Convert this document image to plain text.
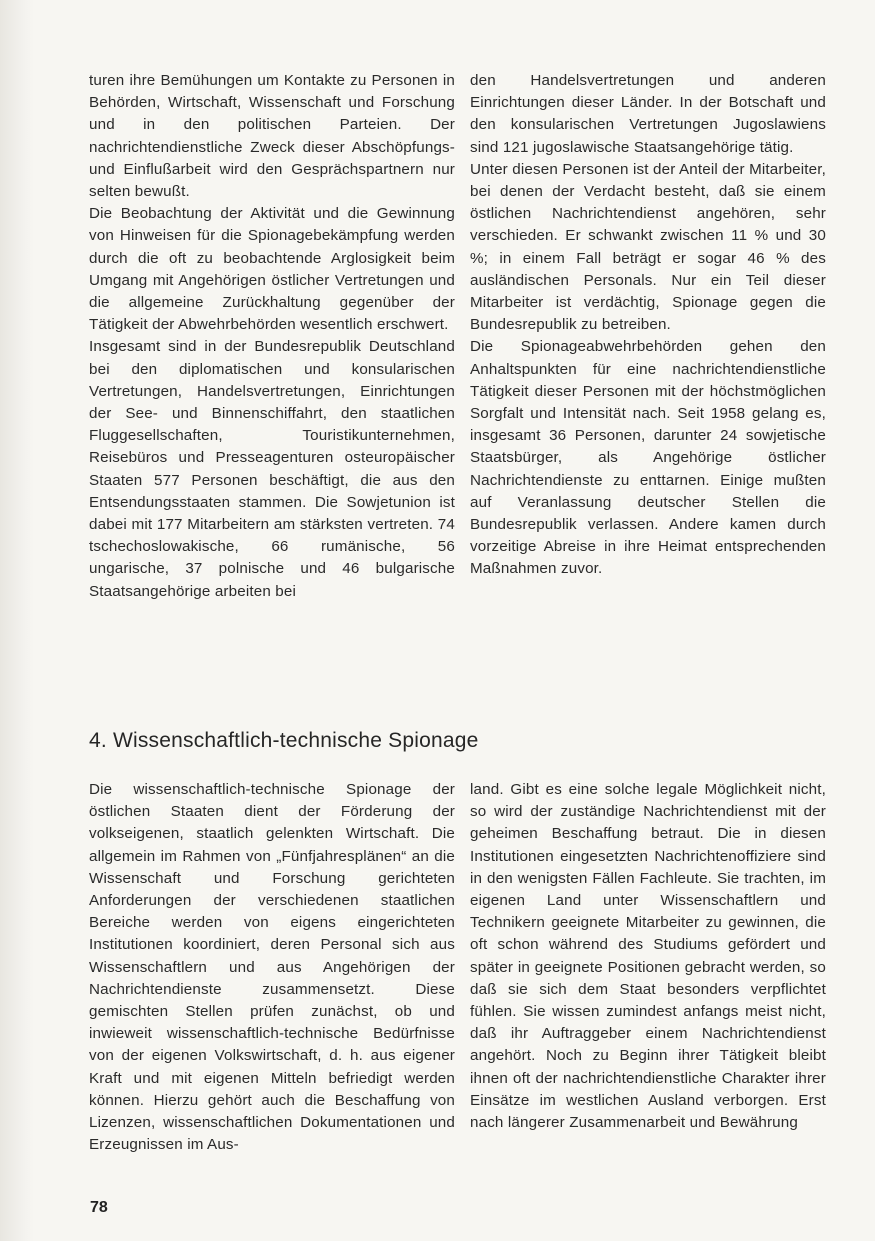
turen ihre Bemühungen um Kontakte zu Personen in Behörden, Wirtschaft, Wissenschaft und Forschung und in den politischen Parteien. Der nachrichtendienstliche Zweck dieser Abschöpfungs- und Einflußarbeit wird den Gesprächspartnern nur selten bewußt.

Die Beobachtung der Aktivität und die Gewinnung von Hinweisen für die Spionagebekämpfung werden durch die oft zu beobachtende Arglosigkeit beim Umgang mit Angehörigen östlicher Vertretungen und die allgemeine Zurückhaltung gegenüber der Tätigkeit der Abwehrbehörden wesentlich erschwert.

Insgesamt sind in der Bundesrepublik Deutschland bei den diplomatischen und konsularischen Vertretungen, Handelsvertretungen, Einrichtungen der See- und Binnenschiffahrt, den staatlichen Fluggesellschaften, Touristikunternehmen, Reisebüros und Presseagenturen osteuropäischer Staaten 577 Personen beschäftigt, die aus den Entsendungsstaaten stammen. Die Sowjetunion ist dabei mit 177 Mitarbeitern am stärksten vertreten. 74 tschechoslowakische, 66 rumänische, 56 ungarische, 37 polnische und 46 bulgarische Staatsangehörige arbeiten bei

den Handelsvertretungen und anderen Einrichtungen dieser Länder. In der Botschaft und den konsularischen Vertretungen Jugoslawiens sind 121 jugoslawische Staatsangehörige tätig.

Unter diesen Personen ist der Anteil der Mitarbeiter, bei denen der Verdacht besteht, daß sie einem östlichen Nachrichtendienst angehören, sehr verschieden. Er schwankt zwischen 11 % und 30 %; in einem Fall beträgt er sogar 46 % des ausländischen Personals. Nur ein Teil dieser Mitarbeiter ist verdächtig, Spionage gegen die Bundesrepublik zu betreiben.

Die Spionageabwehrbehörden gehen den Anhaltspunkten für eine nachrichtendienstliche Tätigkeit dieser Personen mit der höchstmöglichen Sorgfalt und Intensität nach. Seit 1958 gelang es, insgesamt 36 Personen, darunter 24 sowjetische Staatsbürger, als Angehörige östlicher Nachrichtendienste zu enttarnen. Einige mußten auf Veranlassung deutscher Stellen die Bundesrepublik verlassen. Andere kamen durch vorzeitige Abreise in ihre Heimat entsprechenden Maßnahmen zuvor.

4. Wissenschaftlich-technische Spionage

Die wissenschaftlich-technische Spionage der östlichen Staaten dient der Förderung der volkseigenen, staatlich gelenkten Wirtschaft. Die allgemein im Rahmen von „Fünfjahresplänen“ an die Wissenschaft und Forschung gerichteten Anforderungen der verschiedenen staatlichen Bereiche werden von eigens eingerichteten Institutionen koordiniert, deren Personal sich aus Wissenschaftlern und aus Angehörigen der Nachrichtendienste zusammensetzt. Diese gemischten Stellen prüfen zunächst, ob und inwieweit wissenschaftlich-technische Bedürfnisse von der eigenen Volkswirtschaft, d. h. aus eigener Kraft und mit eigenen Mitteln befriedigt werden können. Hierzu gehört auch die Beschaffung von Lizenzen, wissenschaftlichen Dokumentationen und Erzeugnissen im Aus-

land. Gibt es eine solche legale Möglichkeit nicht, so wird der zuständige Nachrichtendienst mit der geheimen Beschaffung betraut. Die in diesen Institutionen eingesetzten Nachrichtenoffiziere sind in den wenigsten Fällen Fachleute. Sie trachten, im eigenen Land unter Wissenschaftlern und Technikern geeignete Mitarbeiter zu gewinnen, die oft schon während des Studiums gefördert und später in geeignete Positionen gebracht werden, so daß sie sich dem Staat besonders verpflichtet fühlen. Sie wissen zumindest anfangs meist nicht, daß ihr Auftraggeber einem Nachrichtendienst angehört. Noch zu Beginn ihrer Tätigkeit bleibt ihnen oft der nachrichtendienstliche Charakter ihrer Einsätze im westlichen Ausland verborgen. Erst nach längerer Zusammenarbeit und Bewährung

78
